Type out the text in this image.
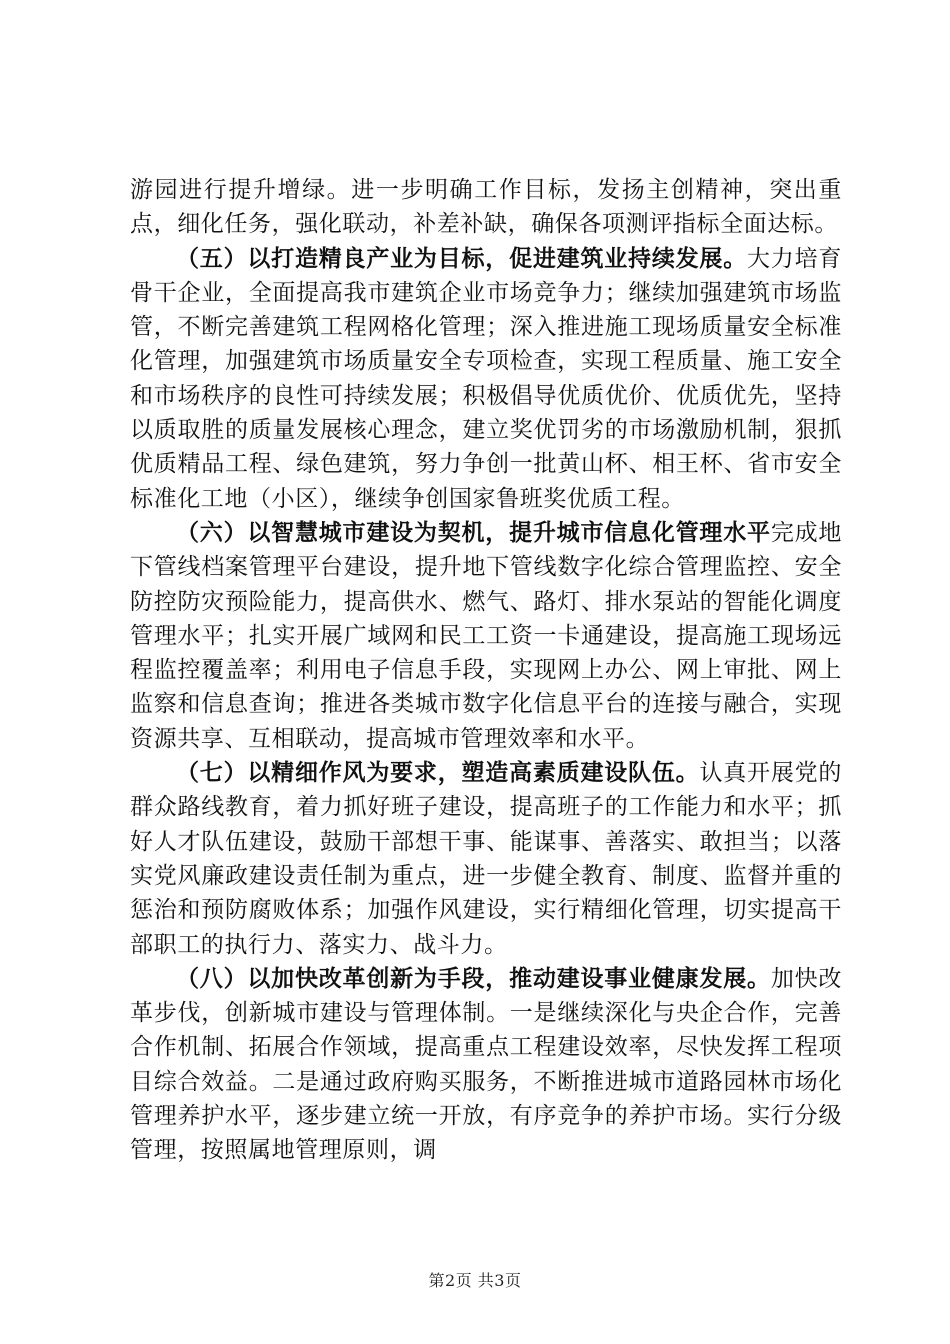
游园进行提升增绿。进一步明确工作目标，发扬主创精神，突出重点，细化任务，强化联动，补差补缺，确保各项测评指标全面达标。

（五）以打造精良产业为目标，促进建筑业持续发展。大力培育骨干企业，全面提高我市建筑企业市场竞争力；继续加强建筑市场监管，不断完善建筑工程网格化管理；深入推进施工现场质量安全标准化管理，加强建筑市场质量安全专项检查，实现工程质量、施工安全和市场秩序的良性可持续发展；积极倡导优质优价、优质优先，坚持以质取胜的质量发展核心理念，建立奖优罚劣的市场激励机制，狠抓优质精品工程、绿色建筑，努力争创一批黄山杯、相王杯、省市安全标准化工地（小区），继续争创国家鲁班奖优质工程。

（六）以智慧城市建设为契机，提升城市信息化管理水平完成地下管线档案管理平台建设，提升地下管线数字化综合管理监控、安全防控防灾预险能力，提高供水、燃气、路灯、排水泵站的智能化调度管理水平；扎实开展广域网和民工工资一卡通建设，提高施工现场远程监控覆盖率；利用电子信息手段，实现网上办公、网上审批、网上监察和信息查询；推进各类城市数字化信息平台的连接与融合，实现资源共享、互相联动，提高城市管理效率和水平。

（七）以精细作风为要求，塑造高素质建设队伍。认真开展党的群众路线教育，着力抓好班子建设，提高班子的工作能力和水平；抓好人才队伍建设，鼓励干部想干事、能谋事、善落实、敢担当；以落实党风廉政建设责任制为重点，进一步健全教育、制度、监督并重的惩治和预防腐败体系；加强作风建设，实行精细化管理，切实提高干部职工的执行力、落实力、战斗力。

（八）以加快改革创新为手段，推动建设事业健康发展。加快改革步伐，创新城市建设与管理体制。一是继续深化与央企合作，完善合作机制、拓展合作领域，提高重点工程建设效率，尽快发挥工程项目综合效益。二是通过政府购买服务，不断推进城市道路园林市场化管理养护水平，逐步建立统一开放，有序竞争的养护市场。实行分级管理，按照属地管理原则，调

第2页 共3页
